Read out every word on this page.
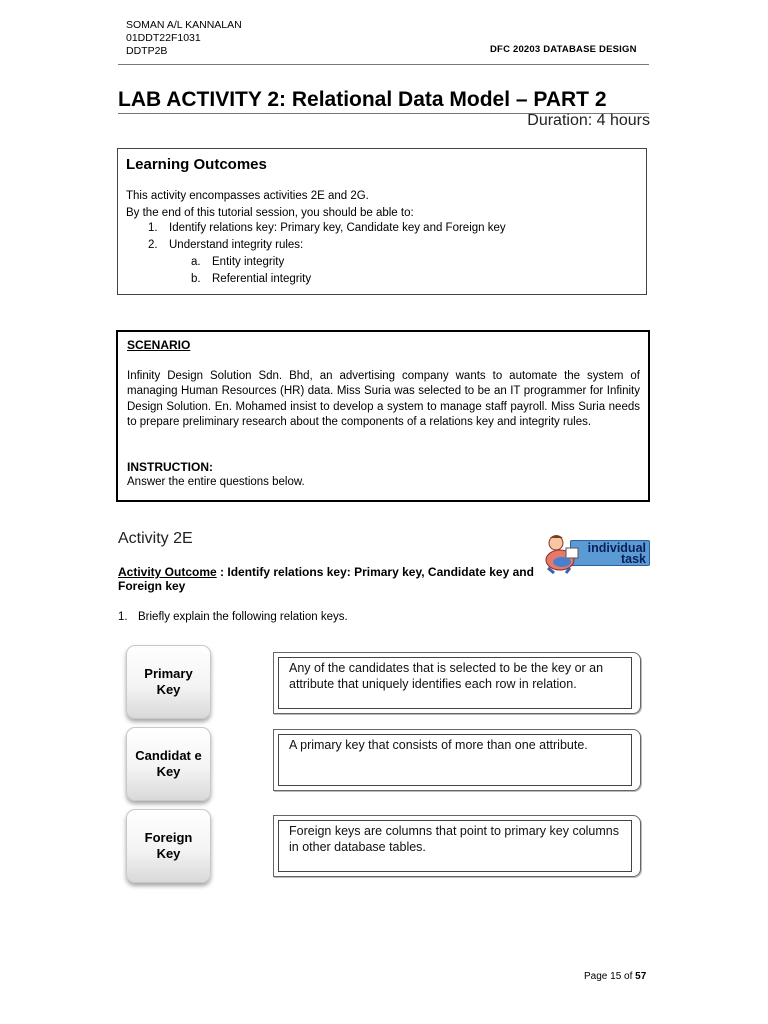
SOMAN A/L KANNALAN
01DDT22F1031
DDTP2B	DFC 20203 DATABASE DESIGN
LAB ACTIVITY 2: Relational Data Model – PART 2
Duration: 4 hours
Learning Outcomes
This activity encompasses activities 2E and 2G.
By the end of this tutorial session, you should be able to:
1. Identify relations key: Primary key, Candidate key and Foreign key
2. Understand integrity rules:
a. Entity integrity
b. Referential integrity
SCENARIO
Infinity Design Solution Sdn. Bhd, an advertising company wants to automate the system of managing Human Resources (HR) data. Miss Suria was selected to be an IT programmer for Infinity Design Solution. En. Mohamed insist to develop a system to manage staff payroll. Miss Suria needs to prepare preliminary research about the components of a relations key and integrity rules.
INSTRUCTION:
Answer the entire questions below.
Activity 2E
individual task
Activity Outcome : Identify relations key: Primary key, Candidate key and Foreign key
1. Briefly explain the following relation keys.
Primary Key
Any of the candidates that is selected to be the key or an attribute that uniquely identifies each row in relation.
Candidat e Key
A primary key that consists of more than one attribute.
Foreign Key
Foreign keys are columns that point to primary key columns in other database tables.
Page 15 of 57
